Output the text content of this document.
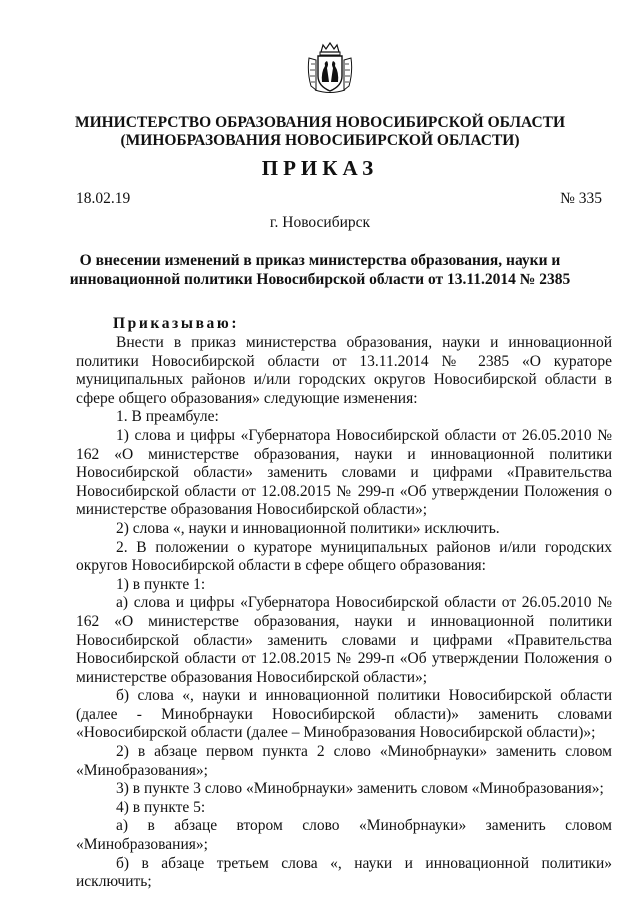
МИНИСТЕРСТВО ОБРАЗОВАНИЯ НОВОСИБИРСКОЙ ОБЛАСТИ
(МИНОБРАЗОВАНИЯ НОВОСИБИРСКОЙ ОБЛАСТИ)
ПРИКАЗ
18.02.19	№ 335
г. Новосибирск
О внесении изменений в приказ министерства образования, науки и
инновационной политики Новосибирской области от 13.11.2014 № 2385
Приказываю:

Внести в приказ министерства образования, науки и инновационной политики Новосибирской области от 13.11.2014 № 2385 «О кураторе муниципальных районов и/или городских округов Новосибирской области в сфере общего образования» следующие изменения:

1. В преамбуле:

1) слова и цифры «Губернатора Новосибирской области от 26.05.2010 № 162 «О министерстве образования, науки и инновационной политики Новосибирской области» заменить словами и цифрами «Правительства Новосибирской области от 12.08.2015 № 299-п «Об утверждении Положения о министерстве образования Новосибирской области»;

2) слова «, науки и инновационной политики» исключить.

2. В положении о кураторе муниципальных районов и/или городских округов Новосибирской области в сфере общего образования:

1) в пункте 1:

а) слова и цифры «Губернатора Новосибирской области от 26.05.2010 № 162 «О министерстве образования, науки и инновационной политики Новосибирской области» заменить словами и цифрами «Правительства Новосибирской области от 12.08.2015 № 299-п «Об утверждении Положения о министерстве образования Новосибирской области»;

б) слова «, науки и инновационной политики Новосибирской области (далее - Минобрнауки Новосибирской области)» заменить словами «Новосибирской области (далее – Минобразования Новосибирской области)»;

2) в абзаце первом пункта 2 слово «Минобрнауки» заменить словом «Минобразования»;

3) в пункте 3 слово «Минобрнауки» заменить словом «Минобразования»;

4) в пункте 5:

а) в абзаце втором слово «Минобрнауки» заменить словом «Минобразования»;

б) в абзаце третьем слова «, науки и инновационной политики» исключить;
